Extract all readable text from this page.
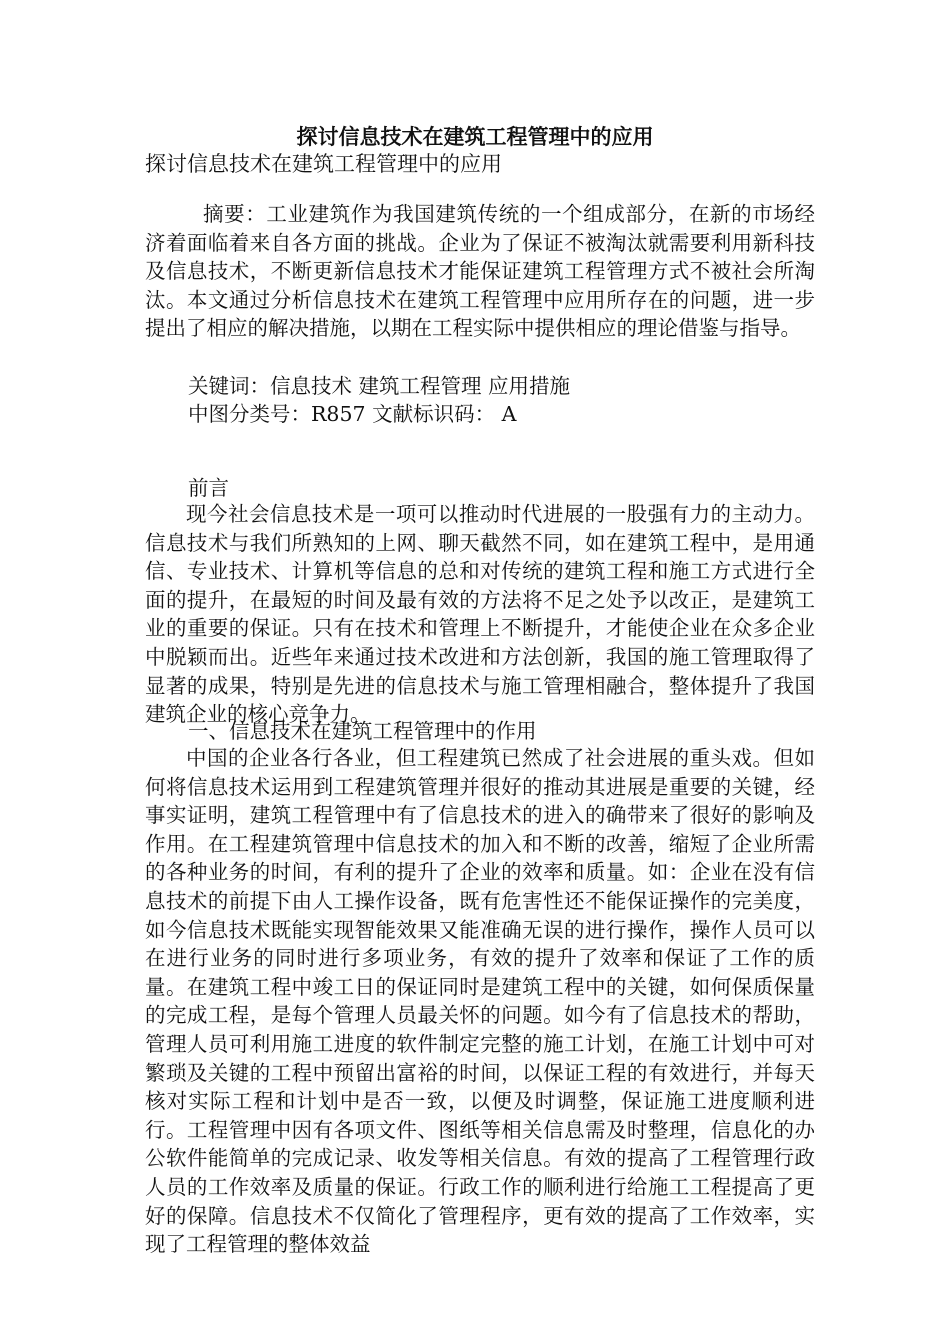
探讨信息技术在建筑工程管理中的应用
探讨信息技术在建筑工程管理中的应用
摘要：工业建筑作为我国建筑传统的一个组成部分，在新的市场经济着面临着来自各方面的挑战。企业为了保证不被淘汰就需要利用新科技及信息技术，不断更新信息技术才能保证建筑工程管理方式不被社会所淘汰。本文通过分析信息技术在建筑工程管理中应用所存在的问题，进一步提出了相应的解决措施，以期在工程实际中提供相应的理论借鉴与指导。
关键词：信息技术 建筑工程管理 应用措施
中图分类号：R857 文献标识码： A
前言
现今社会信息技术是一项可以推动时代进展的一股强有力的主动力。信息技术与我们所熟知的上网、聊天截然不同，如在建筑工程中，是用通信、专业技术、计算机等信息的总和对传统的建筑工程和施工方式进行全面的提升，在最短的时间及最有效的方法将不足之处予以改正，是建筑工业的重要的保证。只有在技术和管理上不断提升，才能使企业在众多企业中脱颖而出。近些年来通过技术改进和方法创新，我国的施工管理取得了显著的成果，特别是先进的信息技术与施工管理相融合，整体提升了我国建筑企业的核心竞争力。
一、信息技术在建筑工程管理中的作用
中国的企业各行各业，但工程建筑已然成了社会进展的重头戏。但如何将信息技术运用到工程建筑管理并很好的推动其进展是重要的关键，经事实证明，建筑工程管理中有了信息技术的进入的确带来了很好的影响及作用。在工程建筑管理中信息技术的加入和不断的改善，缩短了企业所需的各种业务的时间，有利的提升了企业的效率和质量。如：企业在没有信息技术的前提下由人工操作设备，既有危害性还不能保证操作的完美度，如今信息技术既能实现智能效果又能准确无误的进行操作，操作人员可以在进行业务的同时进行多项业务，有效的提升了效率和保证了工作的质量。在建筑工程中竣工日的保证同时是建筑工程中的关键，如何保质保量的完成工程，是每个管理人员最关怀的问题。如今有了信息技术的帮助，管理人员可利用施工进度的软件制定完整的施工计划，在施工计划中可对繁琐及关键的工程中预留出富裕的时间，以保证工程的有效进行，并每天核对实际工程和计划中是否一致，以便及时调整，保证施工进度顺利进行。工程管理中因有各项文件、图纸等相关信息需及时整理，信息化的办公软件能简单的完成记录、收发等相关信息。有效的提高了工程管理行政人员的工作效率及质量的保证。行政工作的顺利进行给施工工程提高了更好的保障。信息技术不仅简化了管理程序，更有效的提高了工作效率，实现了工程管理的整体效益
